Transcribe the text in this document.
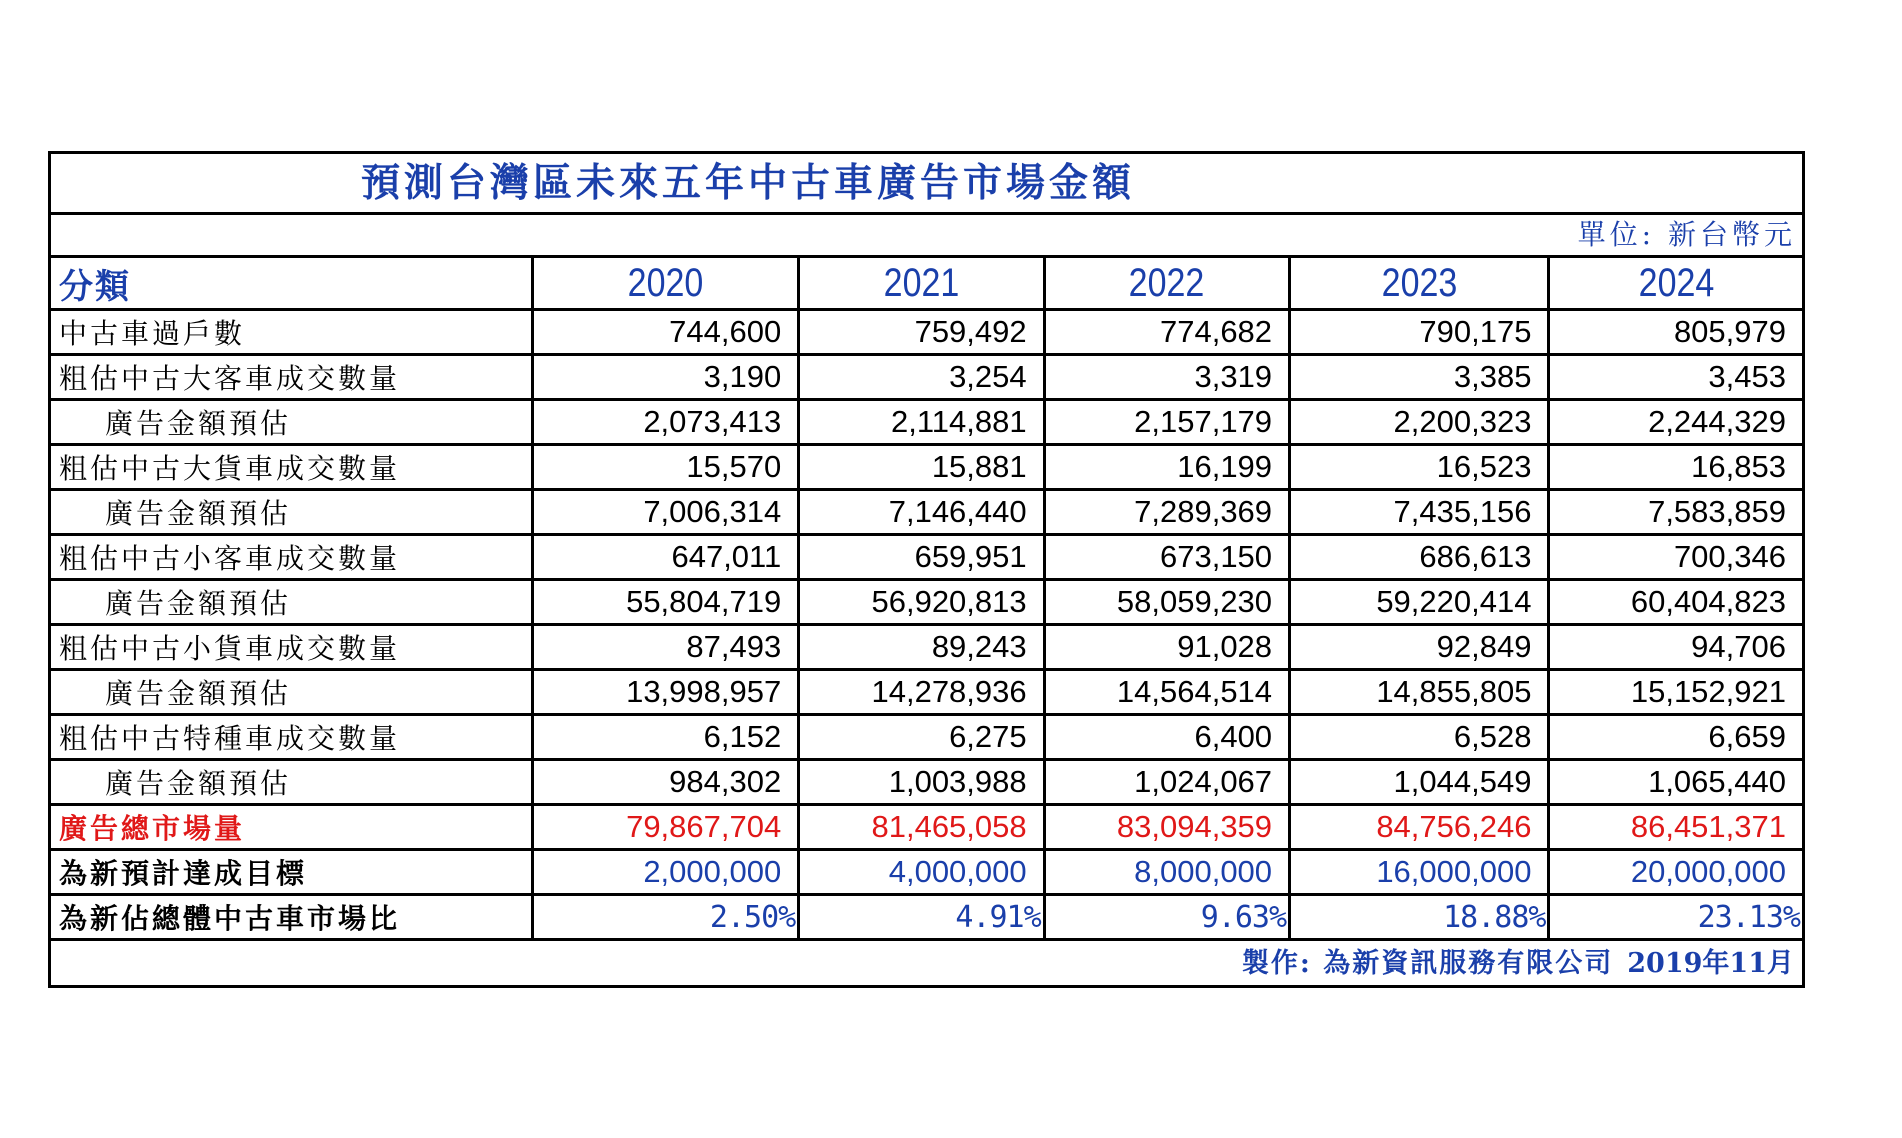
預測台灣區未來五年中古車廣告市場金額					

單位: 新台幣元					
分類	2020	2021	2022	2023	2024
中古車過戶數	744,600	759,492	774,682	790,175	805,979
粗估中古大客車成交數量	3,190	3,254	3,319	3,385	3,453
廣告金額預估	2,073,413	2,114,881	2,157,179	2,200,323	2,244,329
粗估中古大貨車成交數量	15,570	15,881	16,199	16,523	16,853
廣告金額預估	7,006,314	7,146,440	7,289,369	7,435,156	7,583,859
粗估中古小客車成交數量	647,011	659,951	673,150	686,613	700,346
廣告金額預估	55,804,719	56,920,813	58,059,230	59,220,414	60,404,823
粗估中古小貨車成交數量	87,493	89,243	91,028	92,849	94,706
廣告金額預估	13,998,957	14,278,936	14,564,514	14,855,805	15,152,921
粗估中古特種車成交數量	6,152	6,275	6,400	6,528	6,659
廣告金額預估	984,302	1,003,988	1,024,067	1,044,549	1,065,440
廣告總市場量	79,867,704	81,465,058	83,094,359	84,756,246	86,451,371
為新預計達成目標	2,000,000	4,000,000	8,000,000	16,000,000	20,000,000
為新佔總體中古車市場比	2.50%	4.91%	9.63%	18.88%	23.13%
製作: 為新資訊服務有限公司 2019年11月					
